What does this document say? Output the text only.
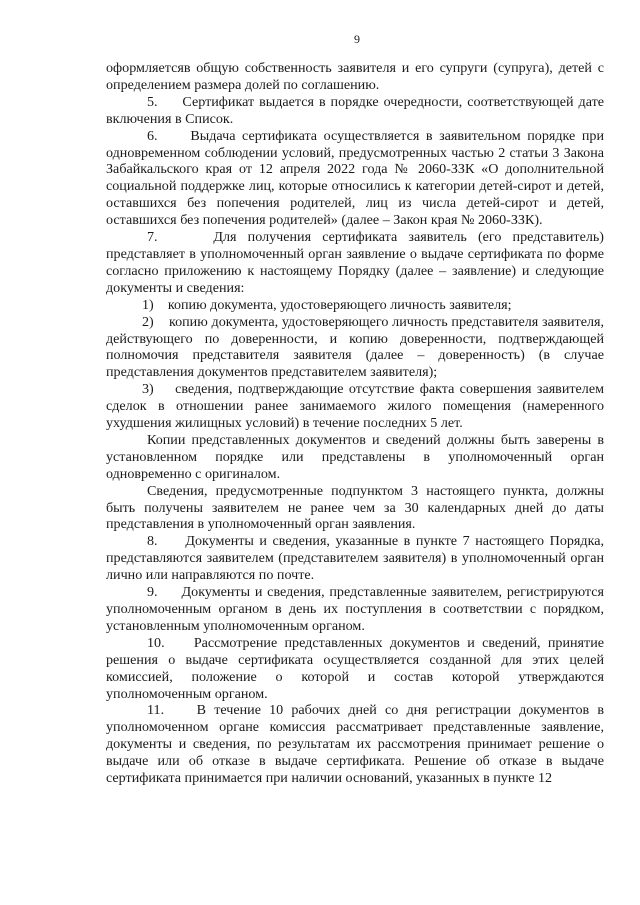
9

оформляетсяв общую собственность заявителя и его супруги (супруга), детей с определением размера долей по соглашению.

5.     Сертификат выдается в порядке очередности, соответствующей дате включения в Список.

6.     Выдача сертификата осуществляется в заявительном порядке при одновременном соблюдении условий, предусмотренных частью 2 статьи 3 Закона Забайкальского края от 12 апреля 2022 года № 2060-ЗЗК «О дополнительной социальной поддержке лиц, которые относились к категории детей-сирот и детей, оставшихся без попечения родителей, лиц из числа детей-сирот и детей, оставшихся без попечения родителей» (далее – Закон края № 2060-ЗЗК).

7.     Для получения сертификата заявитель (его представитель) представляет в уполномоченный орган заявление о выдаче сертификата по форме согласно приложению к настоящему Порядку (далее – заявление) и следующие документы и сведения:

1)    копию документа, удостоверяющего личность заявителя;

2)    копию документа, удостоверяющего личность представителя заявителя, действующего по доверенности, и копию доверенности, подтверждающей полномочия представителя заявителя (далее – доверенность) (в случае представления документов представителем заявителя);

3)    сведения, подтверждающие отсутствие факта совершения заявителем сделок в отношении ранее занимаемого жилого помещения (намеренного ухудшения жилищных условий) в течение последних 5 лет.

Копии представленных документов и сведений должны быть заверены в установленном порядке или представлены в уполномоченный орган одновременно с оригиналом.

Сведения, предусмотренные подпунктом 3 настоящего пункта, должны быть получены заявителем не ранее чем за 30 календарных дней до даты представления в уполномоченный орган заявления.

8.     Документы и сведения, указанные в пункте 7 настоящего Порядка, представляются заявителем (представителем заявителя) в уполномоченный орган лично или направляются по почте.

9.     Документы и сведения, представленные заявителем, регистрируются уполномоченным органом в день их поступления в соответствии с порядком, установленным уполномоченным органом.

10.    Рассмотрение представленных документов и сведений, принятие решения о выдаче сертификата осуществляется созданной для этих целей комиссией, положение о которой и состав которой утверждаются уполномоченным органом.

11.    В течение 10 рабочих дней со дня регистрации документов в уполномоченном органе комиссия рассматривает представленные заявление, документы и сведения, по результатам их рассмотрения принимает решение о выдаче или об отказе в выдаче сертификата. Решение об отказе в выдаче сертификата принимается при наличии оснований, указанных в пункте 12
